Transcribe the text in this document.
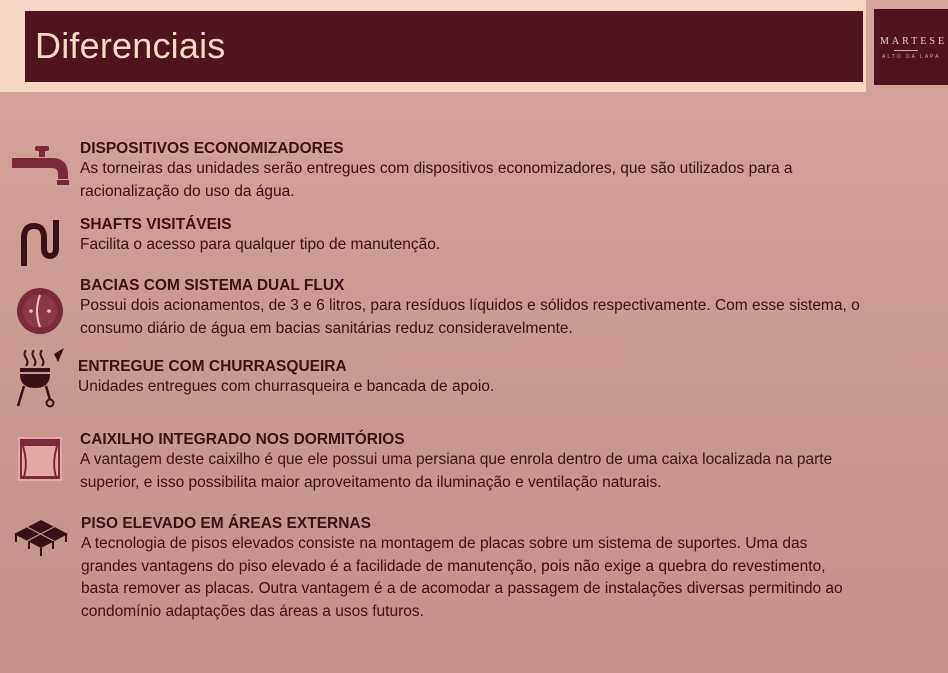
Diferenciais	MARTESE
ALTO DA LAPA
DISPOSITIVOS ECONOMIZADORES
As torneiras das unidades serão entregues com dispositivos economizadores, que são utilizados para a
racionalização do uso da água.
SHAFTS VISITÁVEIS
Facilita o acesso para qualquer tipo de manutenção.
BACIAS COM SISTEMA DUAL FLUX
Possui dois acionamentos, de 3 e 6 litros, para resíduos líquidos e sólidos respectivamente. Com esse sistema, o
consumo diário de água em bacias sanitárias reduz consideravelmente.
ENTREGUE COM CHURRASQUEIRA
Unidades entregues com churrasqueira e bancada de apoio.
CAIXILHO INTEGRADO NOS DORMITÓRIOS
A vantagem deste caixilho é que ele possui uma persiana que enrola dentro de uma caixa localizada na parte
superior, e isso possibilita maior aproveitamento da iluminação e ventilação naturais.
PISO ELEVADO EM ÁREAS EXTERNAS
A tecnologia de pisos elevados consiste na montagem de placas sobre um sistema de suportes. Uma das
grandes vantagens do piso elevado é a facilidade de manutenção, pois não exige a quebra do revestimento,
basta remover as placas. Outra vantagem é a de acomodar a passagem de instalações diversas permitindo ao
condomínio adaptações das áreas a usos futuros.
